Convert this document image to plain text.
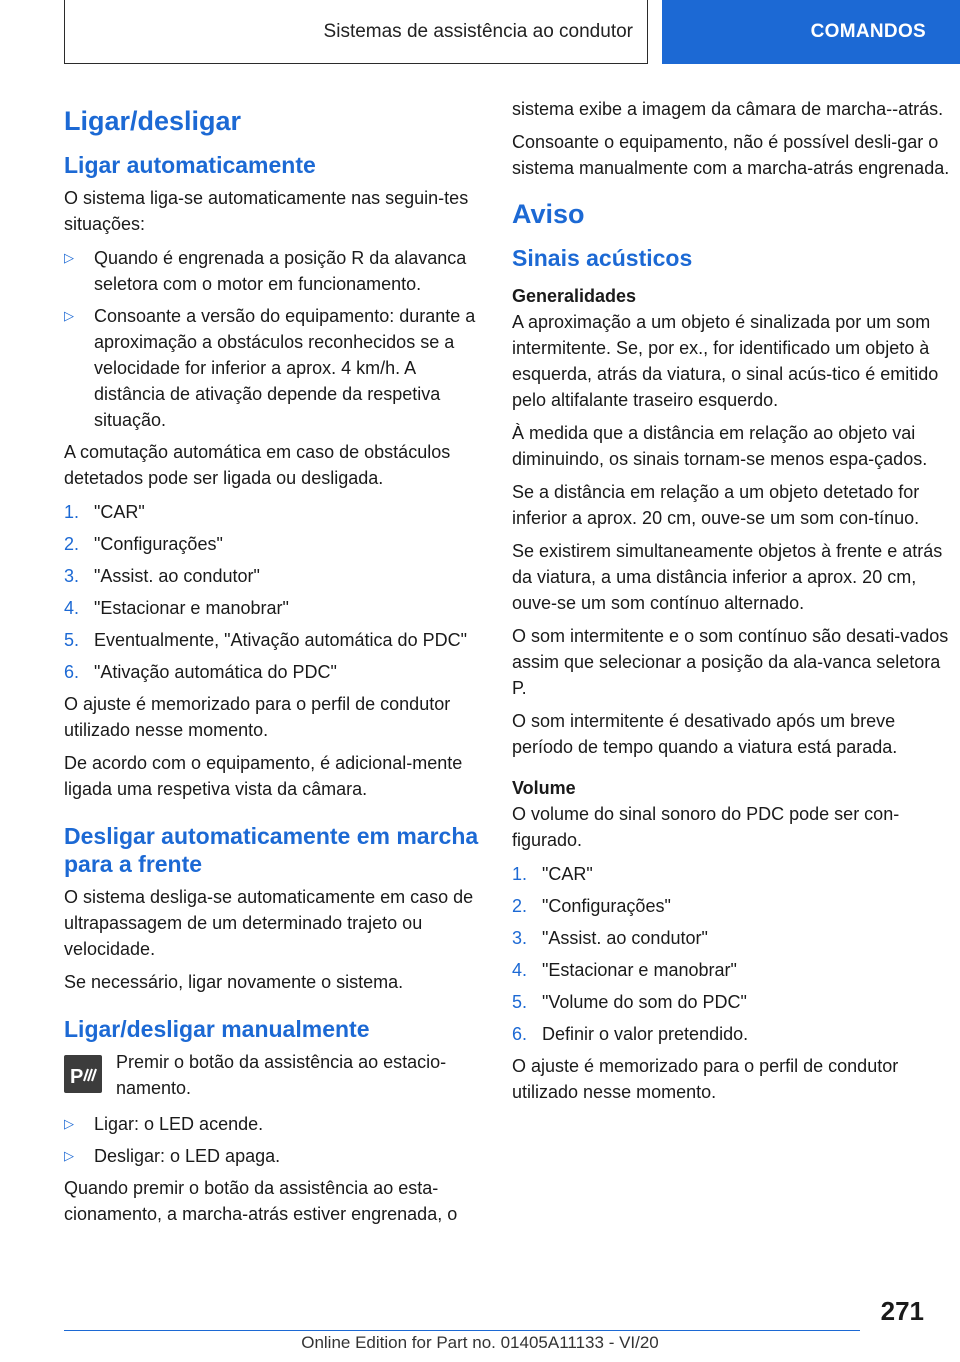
Sistemas de assistência ao condutor	COMANDOS
Ligar/desligar
Ligar automaticamente

O sistema liga-se automaticamente nas seguin-tes situações:

▷ Quando é engrenada a posição R da alavanca seletora com o motor em funcionamento.
▷ Consoante a versão do equipamento: durante a aproximação a obstáculos reconhecidos se a velocidade for inferior a aprox. 4 km/h. A distância de ativação depende da respetiva situação.

A comutação automática em caso de obstáculos detetados pode ser ligada ou desligada.

1. "CAR"
2. "Configurações"
3. "Assist. ao condutor"
4. "Estacionar e manobrar"
5. Eventualmente, "Ativação automática do PDC"
6. "Ativação automática do PDC"

O ajuste é memorizado para o perfil de condutor utilizado nesse momento.

De acordo com o equipamento, é adicional-mente ligada uma respetiva vista da câmara.

Desligar automaticamente em marcha para a frente

O sistema desliga-se automaticamente em caso de ultrapassagem de um determinado trajeto ou velocidade.

Se necessário, ligar novamente o sistema.

Ligar/desligar manualmente
P

Premir o botão da assistência ao estacio-namento.

▷ Ligar: o LED acende.
▷ Desligar: o LED apaga.

Quando premir o botão da assistência ao esta-cionamento, a marcha-atrás estiver engrenada, o

sistema exibe a imagem da câmara de marcha--atrás.

Consoante o equipamento, não é possível desli-gar o sistema manualmente com a marcha-atrás engrenada.

Aviso
Sinais acústicos
Generalidades

A aproximação a um objeto é sinalizada por um som intermitente. Se, por ex., for identificado um objeto à esquerda, atrás da viatura, o sinal acús-tico é emitido pelo altifalante traseiro esquerdo.

À medida que a distância em relação ao objeto vai diminuindo, os sinais tornam-se menos espa-çados.

Se a distância em relação a um objeto detetado for inferior a aprox. 20 cm, ouve-se um som con-tínuo.

Se existirem simultaneamente objetos à frente e atrás da viatura, a uma distância inferior a aprox. 20 cm, ouve-se um som contínuo alternado.

O som intermitente e o som contínuo são desati-vados assim que selecionar a posição da ala-vanca seletora P.

O som intermitente é desativado após um breve período de tempo quando a viatura está parada.

Volume

O volume do sinal sonoro do PDC pode ser con-figurado.

1. "CAR"
2. "Configurações"
3. "Assist. ao condutor"
4. "Estacionar e manobrar"
5. "Volume do som do PDC"
6. Definir o valor pretendido.

O ajuste é memorizado para o perfil de condutor utilizado nesse momento.

271
Online Edition for Part no. 01405A11133 - VI/20
